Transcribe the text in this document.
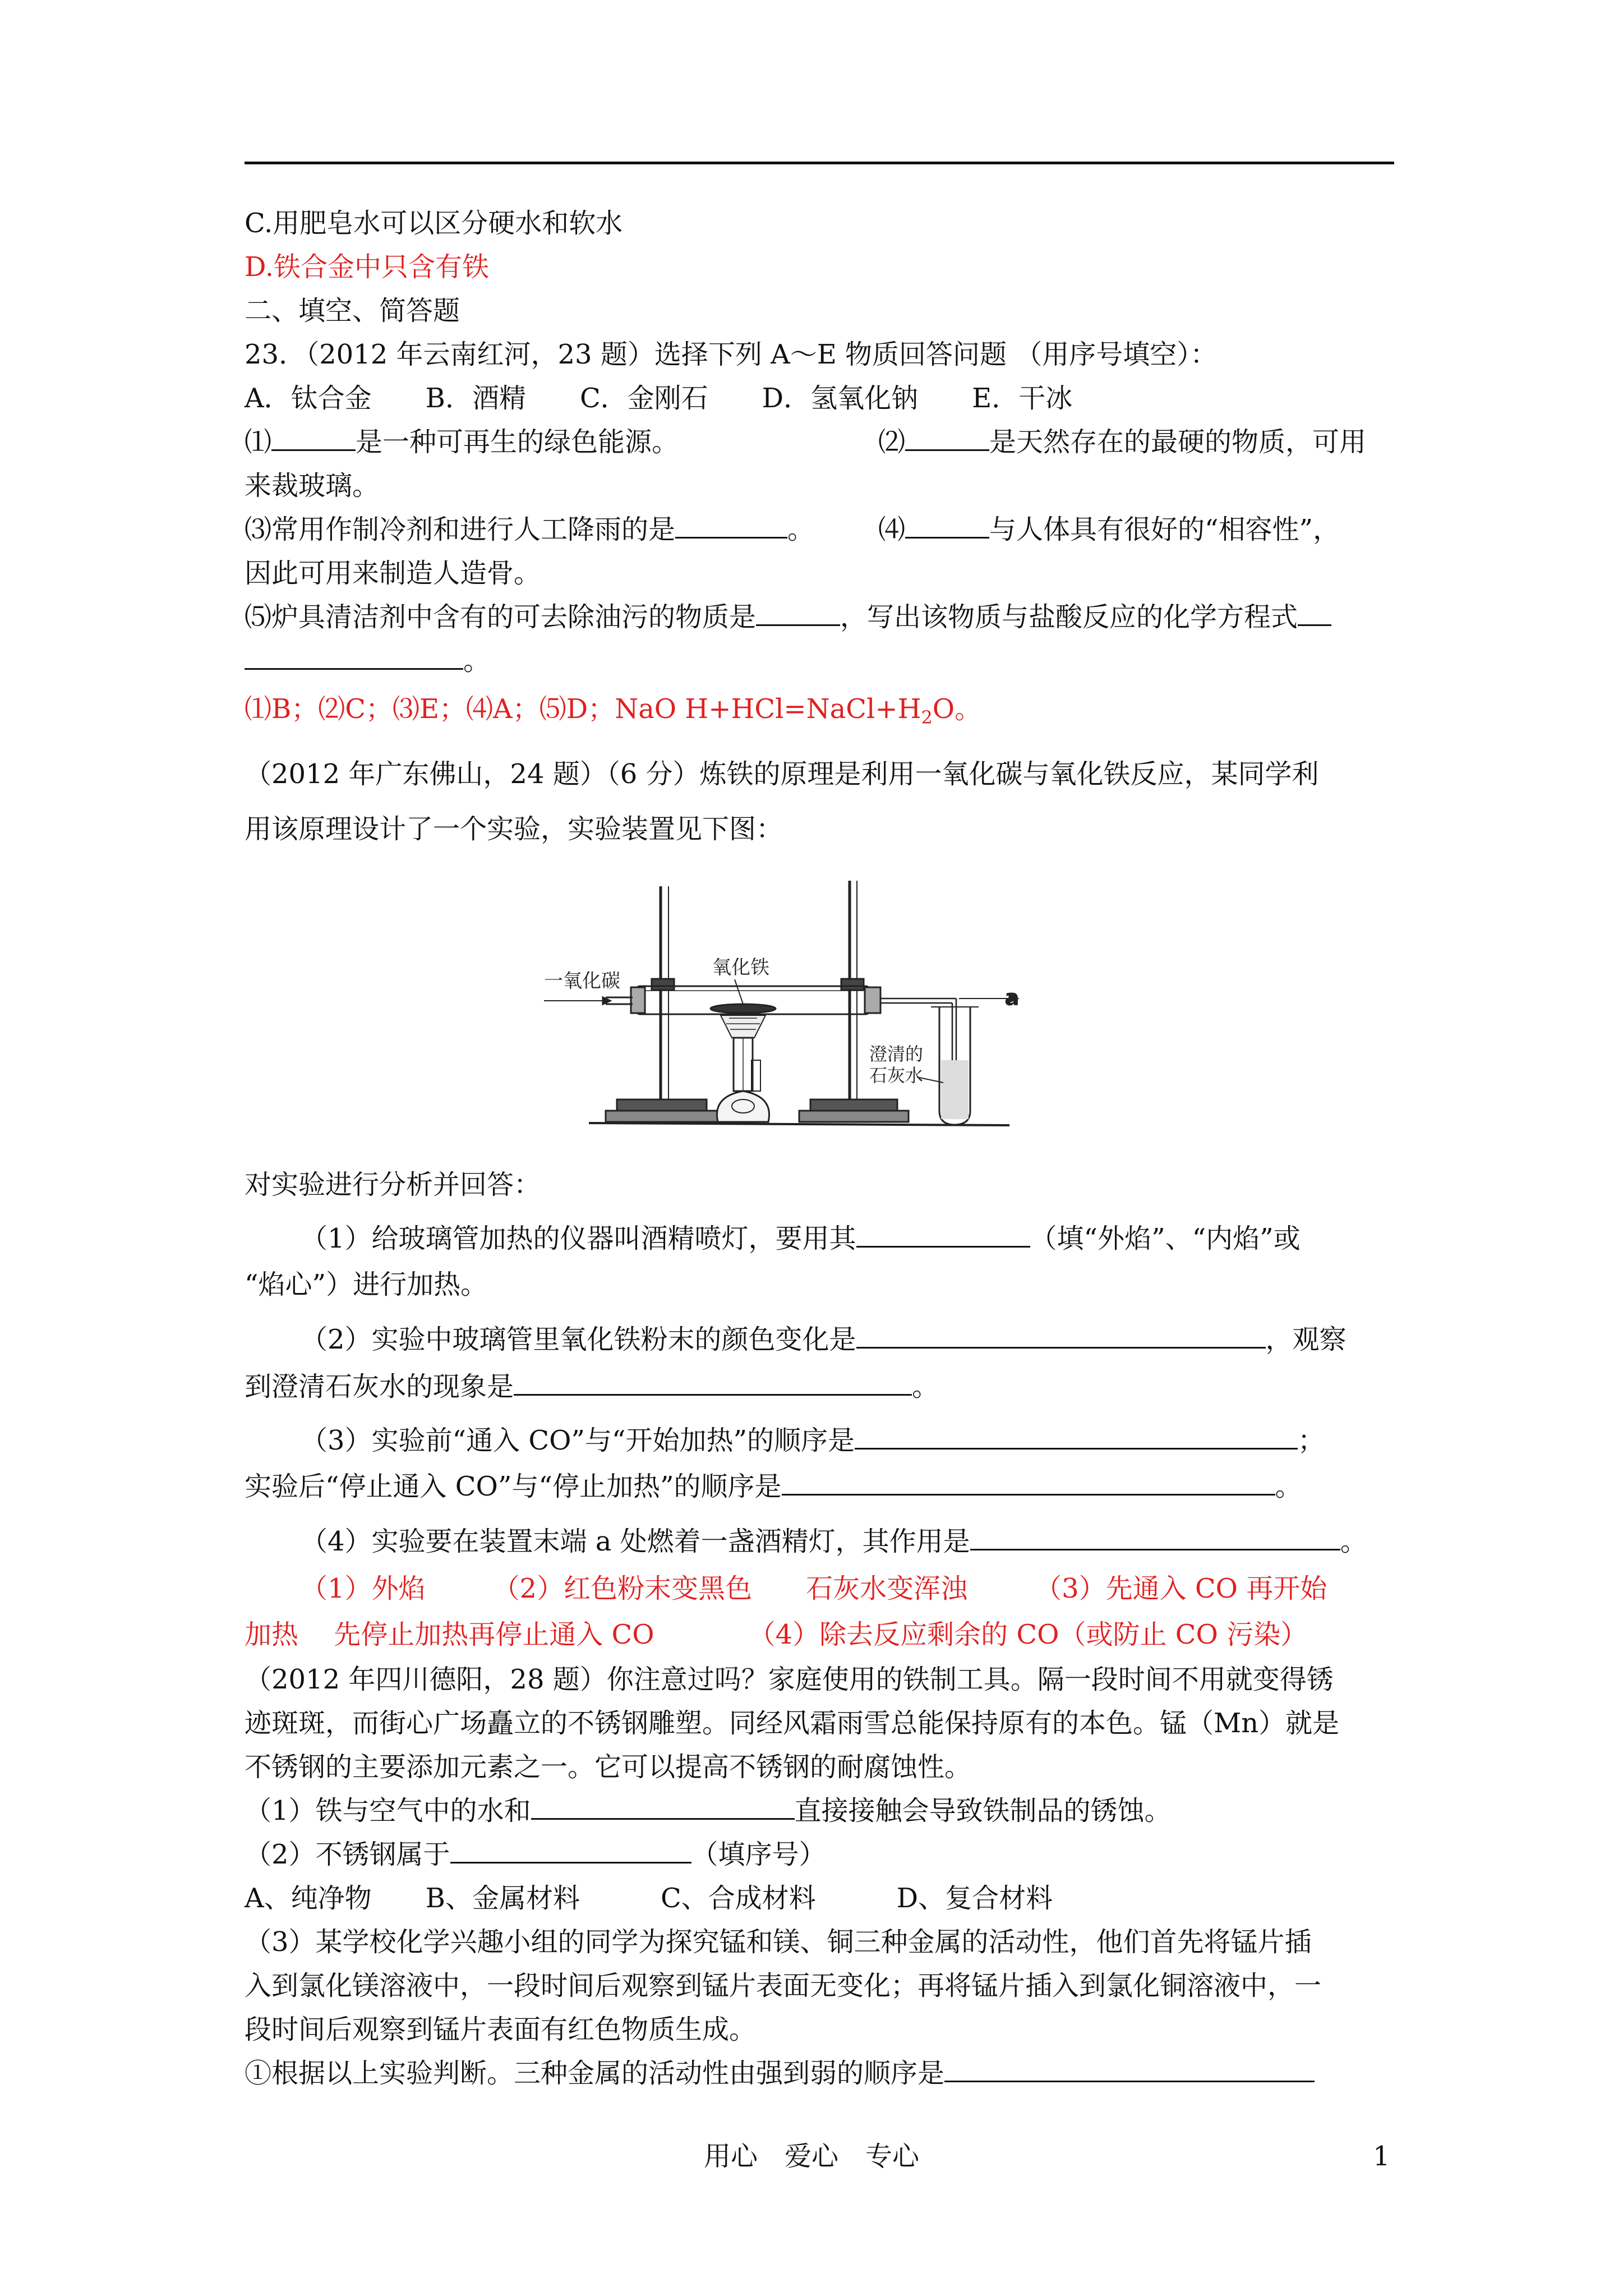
C.用肥皂水可以区分硬水和软水
D.铁合金中只含有铁
二、填空、简答题
23．（2012 年云南红河，23 题）选择下列 A～E 物质回答问题 （用序号填空）：
A．钛合金　　B．酒精　　C．金刚石　　D．氢氧化钠　　E．干冰
⑴	是一种可再生的绿色能源。	⑵	是天然存在的最硬的物质，可用
来裁玻璃。
⑶常用作制冷剂和进行人工降雨的是	。 ⑷	与人体具有很好的“相容性”，
因此可用来制造人造骨。
⑸炉具清洁剂中含有的可去除油污的物质是	，写出该物质与盐酸反应的化学方程式
。
⑴B；⑵C；⑶E；⑷A；⑸D；NaO $H+HCl=NaCl+H_2O$。
（2012 年广东佛山，24 题）（6 分）炼铁的原理是利用一氧化碳与氧化铁反应，某同学利
用该原理设计了一个实验，实验装置见下图：
一氧化碳
氧化铁
a
澄清的
石灰水
对实验进行分析并回答：
（1）给玻璃管加热的仪器叫酒精喷灯，要用其	（填“外焰”、“内焰”或
“焰心”）进行加热。
（2）实验中玻璃管里氧化铁粉末的颜色变化是	，观察
到澄清石灰水的现象是	。
（3）实验前“通入 CO”与“开始加热”的顺序是	；
实验后“停止通入 CO”与“停止加热”的顺序是	。
（4）实验要在装置末端 a 处燃着一盏酒精灯，其作用是	。
（1）外焰　　　（2）红色粉末变黑色　　石灰水变浑浊　　　（3）先通入 CO 再开始
加热　 先停止加热再停止通入 CO　　　　（4）除去反应剩余的 CO（或防止 CO 污染）
（2012 年四川德阳，28 题）你注意过吗？家庭使用的铁制工具。隔一段时间不用就变得锈
迹斑斑，而街心广场矗立的不锈钢雕塑。同经风霜雨雪总能保持原有的本色。锰（Mn）就是
不锈钢的主要添加元素之一。它可以提高不锈钢的耐腐蚀性。
（1）铁与空气中的水和	直接接触会导致铁制品的锈蚀。
（2）不锈钢属于	（填序号）
A、纯净物　　B、金属材料　　　C、合成材料　　　D、复合材料
（3）某学校化学兴趣小组的同学为探究锰和镁、铜三种金属的活动性，他们首先将锰片插
入到氯化镁溶液中，一段时间后观察到锰片表面无变化；再将锰片插入到氯化铜溶液中，一
段时间后观察到锰片表面有红色物质生成。
①根据以上实验判断。三种金属的活动性由强到弱的顺序是
用心　爱心　专心	1
